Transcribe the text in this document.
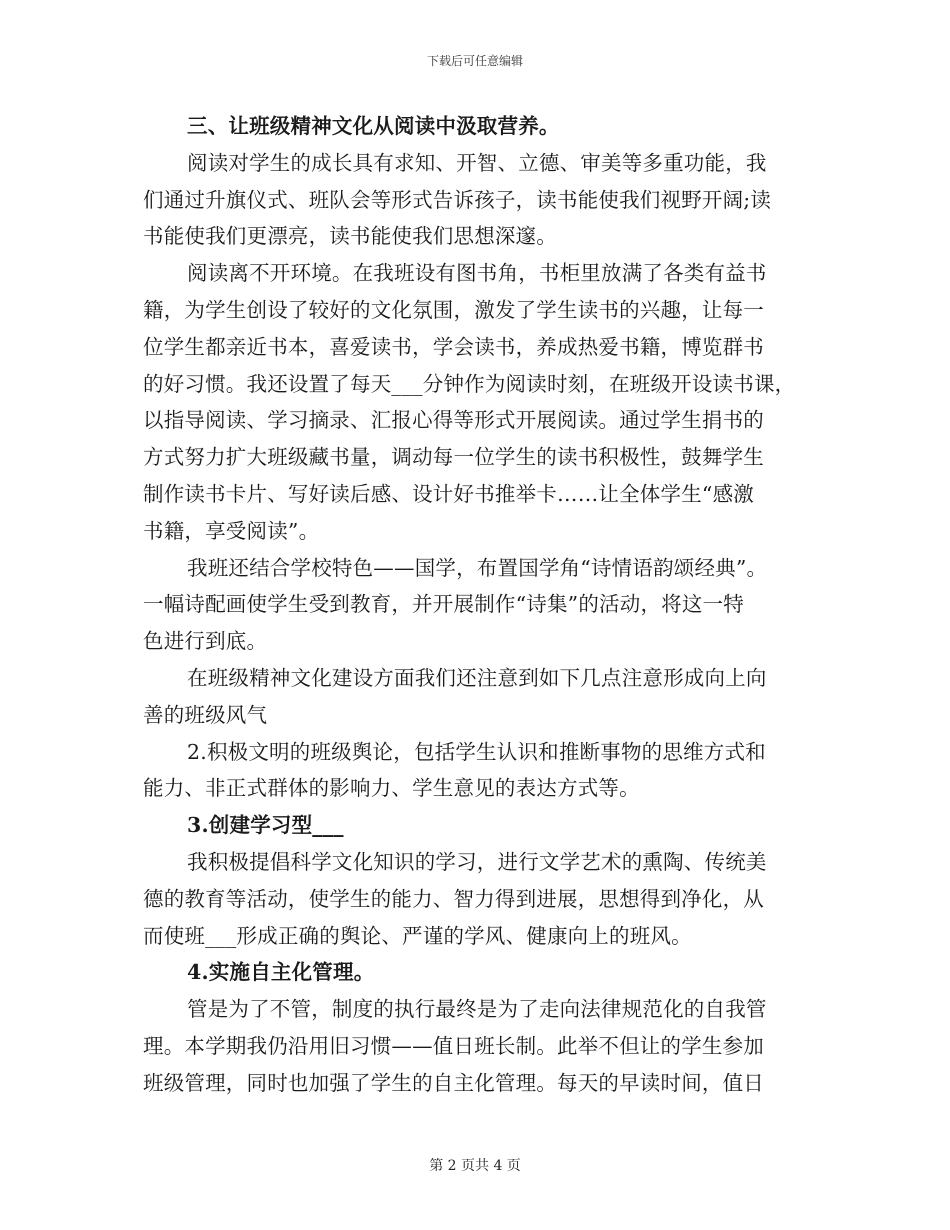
下载后可任意编辑
三、让班级精神文化从阅读中汲取营养。
阅读对学生的成长具有求知、开智、立德、审美等多重功能，我
们通过升旗仪式、班队会等形式告诉孩子，读书能使我们视野开阔;读
书能使我们更漂亮，读书能使我们思想深邃。
阅读离不开环境。在我班设有图书角，书柜里放满了各类有益书
籍，为学生创设了较好的文化氛围，激发了学生读书的兴趣，让每一
位学生都亲近书本，喜爱读书，学会读书，养成热爱书籍，博览群书
的好习惯。我还设置了每天___分钟作为阅读时刻，在班级开设读书课，
以指导阅读、学习摘录、汇报心得等形式开展阅读。通过学生捐书的
方式努力扩大班级藏书量，调动每一位学生的读书积极性，鼓舞学生
制作读书卡片、写好读后感、设计好书推举卡……让全体学生“感激
书籍，享受阅读”。
我班还结合学校特色——国学，布置国学角“诗情语韵颂经典”。
一幅诗配画使学生受到教育，并开展制作“诗集”的活动，将这一特
色进行到底。
在班级精神文化建设方面我们还注意到如下几点注意形成向上向
善的班级风气
2.积极文明的班级舆论，包括学生认识和推断事物的思维方式和
能力、非正式群体的影响力、学生意见的表达方式等。
3.创建学习型___
我积极提倡科学文化知识的学习，进行文学艺术的熏陶、传统美
德的教育等活动，使学生的能力、智力得到进展，思想得到净化，从
而使班___形成正确的舆论、严谨的学风、健康向上的班风。
4.实施自主化管理。
管是为了不管，制度的执行最终是为了走向法律规范化的自我管
理。本学期我仍沿用旧习惯——值日班长制。此举不但让的学生参加
班级管理，同时也加强了学生的自主化管理。每天的早读时间，值日
第 2 页共 4 页
